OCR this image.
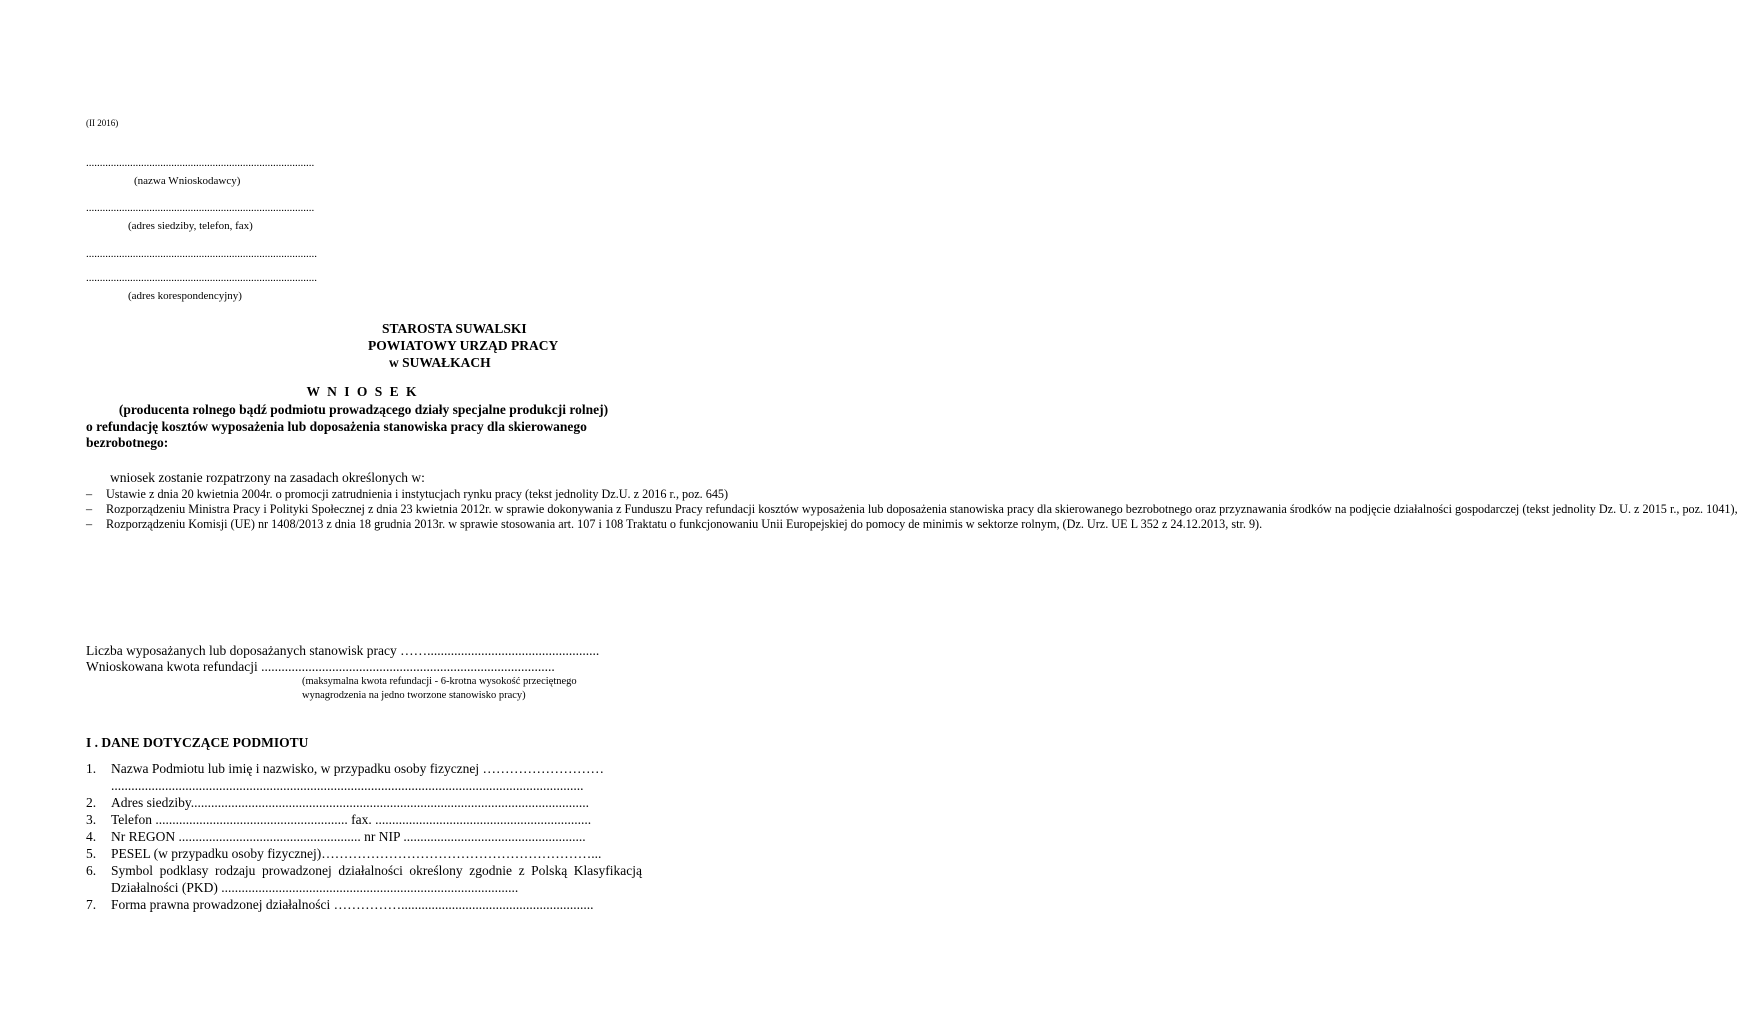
(II 2016)
...................................................................................
(nazwa Wnioskodawcy)
...................................................................................
(adres siedziby, telefon, fax)
....................................................................................
....................................................................................
(adres korespondencyjny)
STAROSTA SUWALSKI
POWIATOWY URZĄD PRACY
w SUWAŁKACH
W N I O S E K
(producenta rolnego bądź podmiotu prowadzącego działy specjalne produkcji rolnej)
o refundację kosztów wyposażenia lub doposażenia stanowiska pracy dla skierowanego bezrobotnego:
wniosek zostanie rozpatrzony na zasadach określonych w:
– Ustawie z dnia 20 kwietnia 2004r. o promocji zatrudnienia i instytucjach rynku pracy (tekst jednolity Dz.U. z 2016 r., poz. 645)
– Rozporządzeniu Ministra Pracy i Polityki Społecznej z dnia 23 kwietnia 2012r. w sprawie dokonywania z Funduszu Pracy refundacji kosztów wyposażenia lub doposażenia stanowiska pracy dla skierowanego bezrobotnego oraz przyznawania środków na podjęcie działalności gospodarczej (tekst jednolity Dz. U. z 2015 r., poz. 1041),
– Rozporządzeniu Komisji (UE) nr 1408/2013 z dnia 18 grudnia 2013r. w sprawie stosowania art. 107 i 108 Traktatu o funkcjonowaniu Unii Europejskiej do pomocy de minimis w sektorze rolnym, (Dz. Urz. UE L 352 z 24.12.2013, str. 9).
Liczba wyposażanych lub doposażanych stanowisk pracy ……...................................................
Wnioskowana kwota refundacji .......................................................................................
(maksymalna kwota refundacji - 6-krotna wysokość przeciętnego wynagrodzenia na jedno tworzone stanowisko pracy)
I . DANE DOTYCZĄCE PODMIOTU
1. Nazwa Podmiotu lub imię i nazwisko, w przypadku osoby fizycznej ………………………
............................................................................................................................................
2. Adres siedziby......................................................................................................................
3. Telefon ......................................................... fax. ................................................................
4. Nr REGON ...................................................... nr NIP ......................................................
5. PESEL (w przypadku osoby fizycznej)……………………………………………………...
6. Symbol podklasy rodzaju prowadzonej działalności określony zgodnie z Polską Klasyfikacją Działalności (PKD) ........................................................................................
7. Forma prawna prowadzonej działalności …………….........................................................
